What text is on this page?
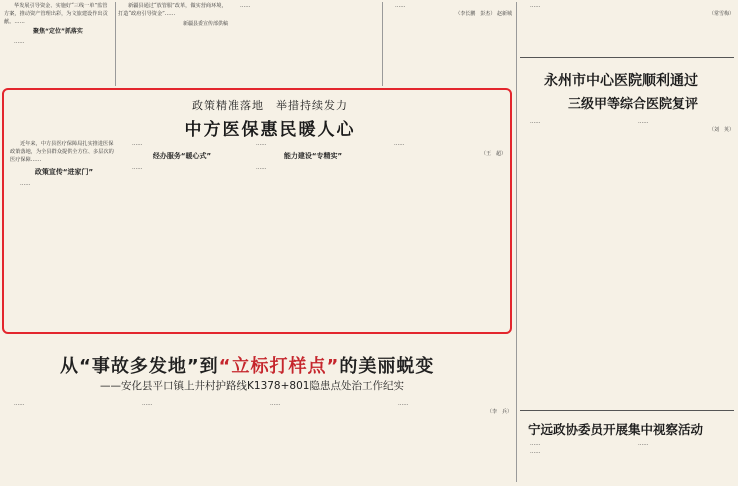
华发展引导资金、实施好“三线一单”监管方案，推动资产管理出彩，为文旅建设作出贡献。……

聚焦“定位”抓落实

……

新疆县通过“放管服”改革，做实营商环境，打造“政府引导资金”……

新疆县委宣传部供稿

……	……

（李长鹏　彭杰） 赵新城

……

（常雪梅）
政策精准落地　举措持续发力
中方医保惠民暖人心

近年来，中方县医疗保障局扎实推进医保政策落地，为全县群众提供全方位、多层次的医疗保障……

政策宣传“进家门”

……

……

经办服务“暖心式”

……

……

能力建设“专精实”

……

……

（王　超）
从“事故多发地”到“立标打样点”的美丽蜕变
——安化县平口镇上井村护路线K1378+801隐患点处治工作纪实

……	……	……	……

（李　兵）
永州市中心医院顺利通过
三级甲等综合医院复评

……	……

（刘　英）
宁远政协委员开展集中视察活动

……

……

……
